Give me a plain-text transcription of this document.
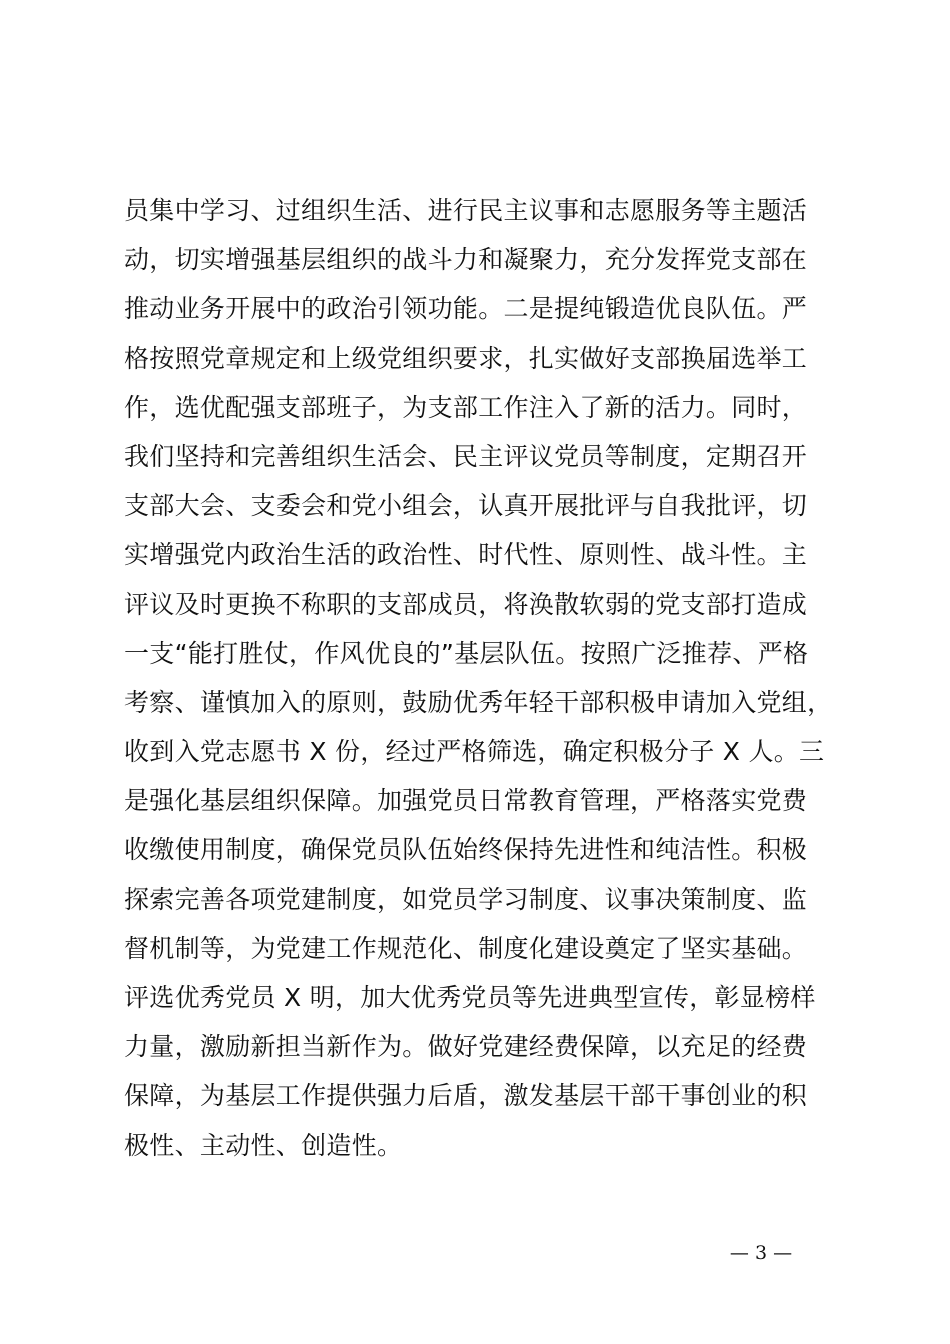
员集中学习、过组织生活、进行民主议事和志愿服务等主题活

动，切实增强基层组织的战斗力和凝聚力，充分发挥党支部在

推动业务开展中的政治引领功能。二是提纯锻造优良队伍。严

格按照党章规定和上级党组织要求，扎实做好支部换届选举工

作，选优配强支部班子，为支部工作注入了新的活力。同时，

我们坚持和完善组织生活会、民主评议党员等制度，定期召开

支部大会、支委会和党小组会，认真开展批评与自我批评，切

实增强党内政治生活的政治性、时代性、原则性、战斗性。主

评议及时更换不称职的支部成员，将涣散软弱的党支部打造成

一支“能打胜仗，作风优良的”基层队伍。按照广泛推荐、严格

考察、谨慎加入的原则，鼓励优秀年轻干部积极申请加入党组，

收到入党志愿书 X 份，经过严格筛选，确定积极分子 X 人。三

是强化基层组织保障。加强党员日常教育管理，严格落实党费

收缴使用制度，确保党员队伍始终保持先进性和纯洁性。积极

探索完善各项党建制度，如党员学习制度、议事决策制度、监

督机制等，为党建工作规范化、制度化建设奠定了坚实基础。

评选优秀党员 X 明，加大优秀党员等先进典型宣传，彰显榜样

力量，激励新担当新作为。做好党建经费保障，以充足的经费

保障，为基层工作提供强力后盾，激发基层干部干事创业的积

极性、主动性、创造性。

— 3 —
